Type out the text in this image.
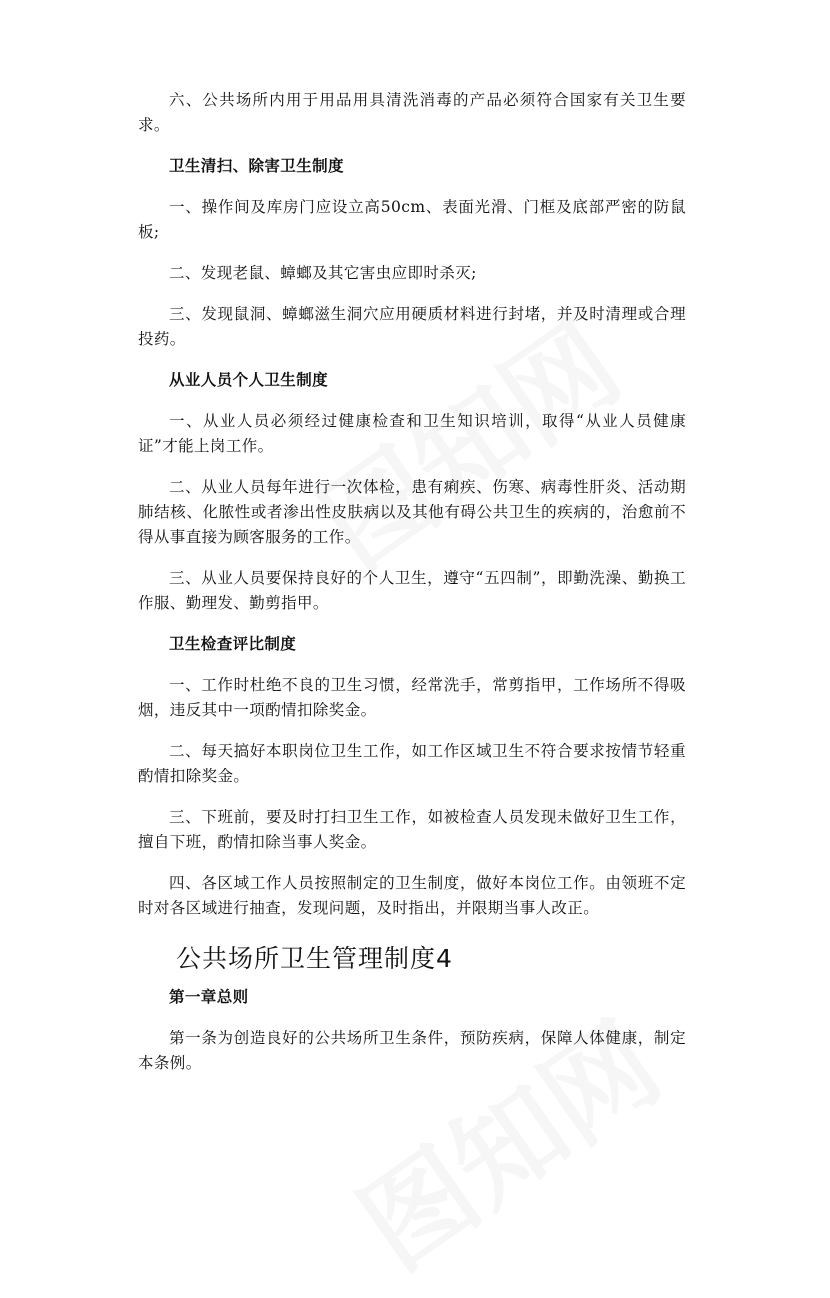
六、公共场所内用于用品用具清洗消毒的产品必须符合国家有关卫生要求。

卫生清扫、除害卫生制度

一、操作间及库房门应设立高50cm、表面光滑、门框及底部严密的防鼠板;

二、发现老鼠、蟑螂及其它害虫应即时杀灭;

三、发现鼠洞、蟑螂滋生洞穴应用硬质材料进行封堵，并及时清理或合理投药。

从业人员个人卫生制度

一、从业人员必须经过健康检查和卫生知识培训，取得“从业人员健康证”才能上岗工作。

二、从业人员每年进行一次体检，患有痢疾、伤寒、病毒性肝炎、活动期肺结核、化脓性或者渗出性皮肤病以及其他有碍公共卫生的疾病的，治愈前不得从事直接为顾客服务的工作。

三、从业人员要保持良好的个人卫生，遵守“五四制”，即勤洗澡、勤换工作服、勤理发、勤剪指甲。

卫生检查评比制度

一、工作时杜绝不良的卫生习惯，经常洗手，常剪指甲，工作场所不得吸烟，违反其中一项酌情扣除奖金。

二、每天搞好本职岗位卫生工作，如工作区域卫生不符合要求按情节轻重酌情扣除奖金。

三、下班前，要及时打扫卫生工作，如被检查人员发现未做好卫生工作，擅自下班，酌情扣除当事人奖金。

四、各区域工作人员按照制定的卫生制度，做好本岗位工作。由领班不定时对各区域进行抽查，发现问题，及时指出，并限期当事人改正。

公共场所卫生管理制度4

第一章总则

第一条为创造良好的公共场所卫生条件，预防疾病，保障人体健康，制定本条例。
